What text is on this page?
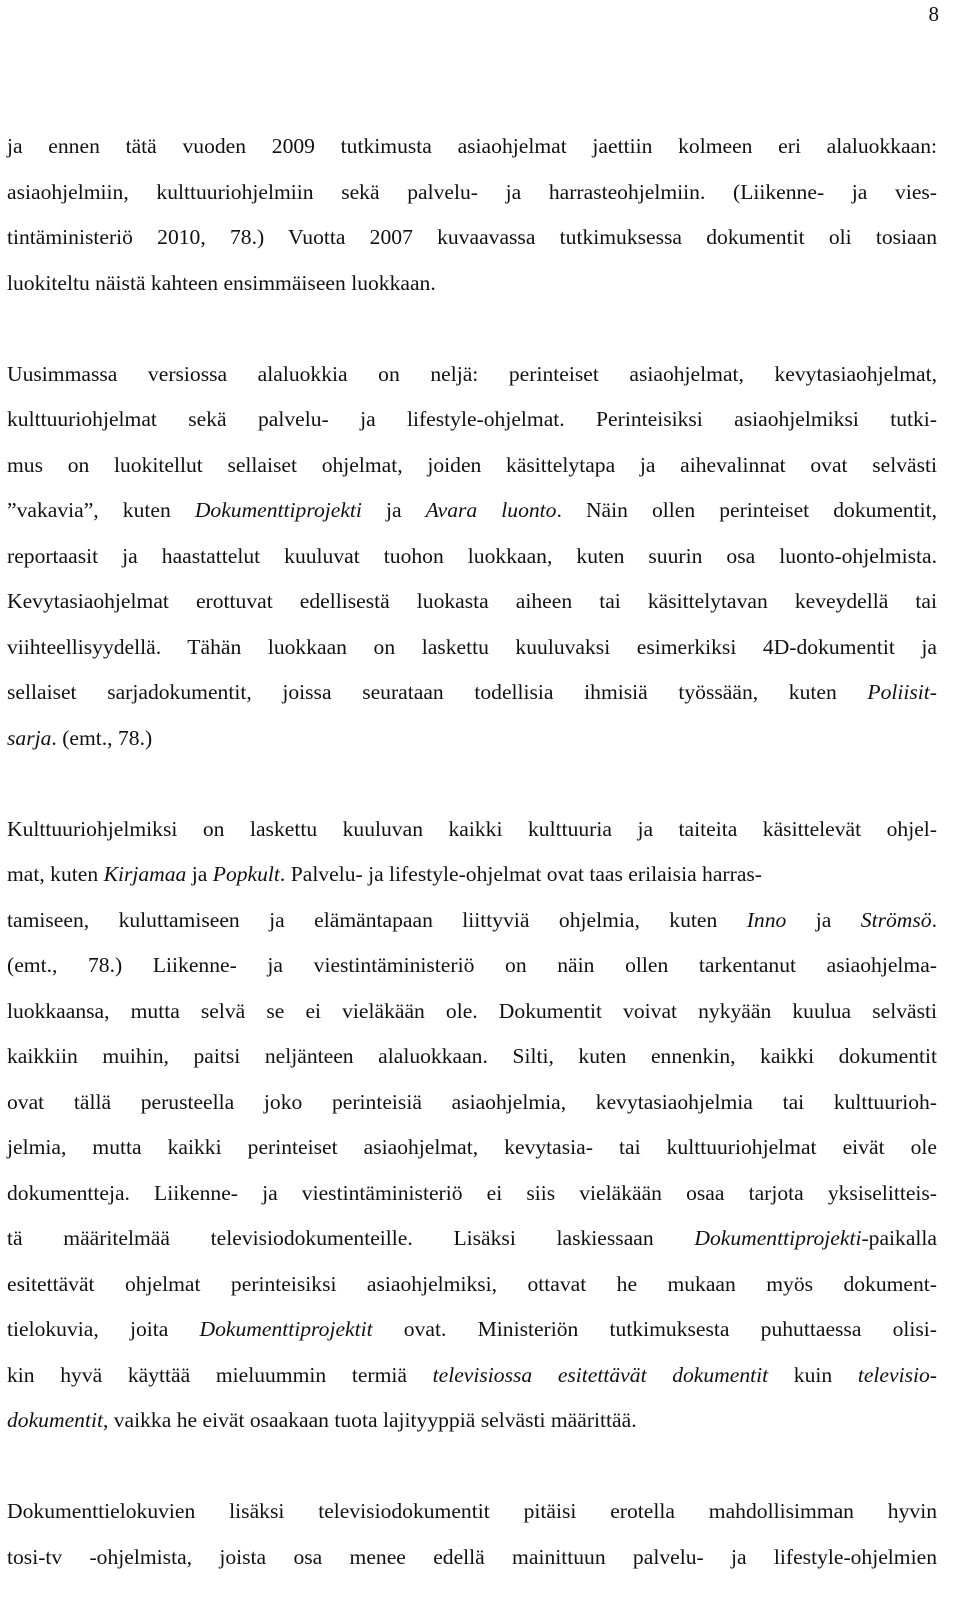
8
ja ennen tätä vuoden 2009 tutkimusta asiaohjelmat jaettiin kolmeen eri alaluokkaan:
asiaohjelmiin, kulttuuriohjelmiin sekä palvelu- ja harrasteohjelmiin. (Liikenne- ja vies-
tintäministeriö 2010, 78.) Vuotta 2007 kuvaavassa tutkimuksessa dokumentit oli tosiaan
luokiteltu näistä kahteen ensimmäiseen luokkaan.
Uusimmassa versiossa alaluokkia on neljä: perinteiset asiaohjelmat, kevytasiaohjelmat,
kulttuuriohjelmat sekä palvelu- ja lifestyle-ohjelmat. Perinteisiksi asiaohjelmiksi tutki-
mus on luokitellut sellaiset ohjelmat, joiden käsittelytapa ja aihevalinnat ovat selvästi
”vakavia”, kuten Dokumenttiprojekti ja Avara luonto. Näin ollen perinteiset dokumentit,
reportaasit ja haastattelut kuuluvat tuohon luokkaan, kuten suurin osa luonto-ohjelmista.
Kevytasiaohjelmat erottuvat edellisestä luokasta aiheen tai käsittelytavan keveydellä tai
viihteellisyydellä. Tähän luokkaan on laskettu kuuluvaksi esimerkiksi 4D-dokumentit ja
sellaiset sarjadokumentit, joissa seurataan todellisia ihmisiä työssään, kuten Poliisit-
sarja. (emt., 78.)
Kulttuuriohjelmiksi on laskettu kuuluvan kaikki kulttuuria ja taiteita käsittelevät ohjel-
mat, kuten Kirjamaa ja Popkult. Palvelu- ja lifestyle-ohjelmat ovat taas erilaisia harras-
tamiseen, kuluttamiseen ja elämäntapaan liittyviä ohjelmia, kuten Inno ja Strömsö.
(emt., 78.) Liikenne- ja viestintäministeriö on näin ollen tarkentanut asiaohjelma-
luokkaansa, mutta selvä se ei vieläkään ole. Dokumentit voivat nykyään kuulua selvästi
kaikkiin muihin, paitsi neljänteen alaluokkaan. Silti, kuten ennenkin, kaikki dokumentit
ovat tällä perusteella joko perinteisiä asiaohjelmia, kevytasiaohjelmia tai kulttuurioh-
jelmia, mutta kaikki perinteiset asiaohjelmat, kevytasia- tai kulttuuriohjelmat eivät ole
dokumentteja. Liikenne- ja viestintäministeriö ei siis vieläkään osaa tarjota yksiselitteis-
tä määritelmää televisiodokumenteille. Lisäksi laskiessaan Dokumenttiprojekti-paikalla
esitettävät ohjelmat perinteisiksi asiaohjelmiksi, ottavat he mukaan myös dokument-
tielokuvia, joita Dokumenttiprojektit ovat. Ministeriön tutkimuksesta puhuttaessa olisi-
kin hyvä käyttää mieluummin termiä televisiossa esitettävät dokumentit kuin televisio-
dokumentit, vaikka he eivät osaakaan tuota lajityyppiä selvästi määrittää.
Dokumenttielokuvien lisäksi televisiodokumentit pitäisi erotella mahdollisimman hyvin
tosi-tv -ohjelmista, joista osa menee edellä mainittuun palvelu- ja lifestyle-ohjelmien
